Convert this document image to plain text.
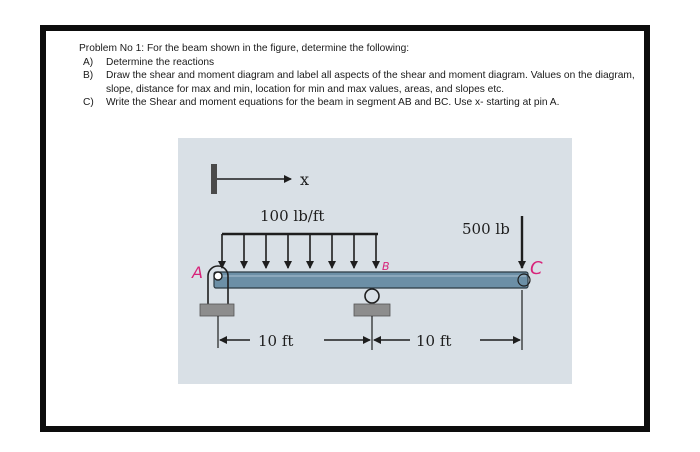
Problem No 1: For the beam shown in the figure, determine the following:
A)	Determine the reactions
B)	Draw the shear and moment diagram and label all aspects of the shear and moment diagram. Values on the diagram, slope, distance for max and min, location for min and max values, areas, and slopes etc.
C)	Write the Shear and moment equations for the beam in segment AB and BC. Use x- starting at pin A.
x
100 lb/ft
500 lb
10 ft	10 ft
A	B	C
